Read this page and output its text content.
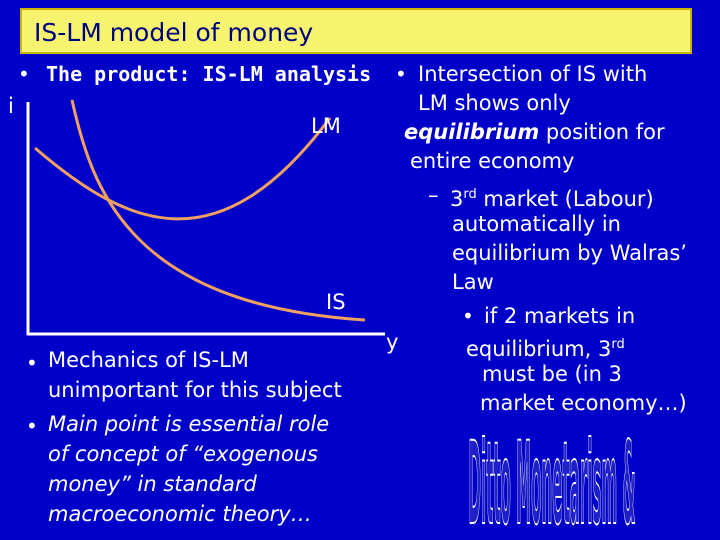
IS-LM model of money
• The product: IS-LM analysis
i
LM
IS
y
• Mechanics of IS-LM
unimportant for this subject
• Main point is essential role
of concept of “exogenous
money” in standard
macroeconomic theory…
• Intersection of IS with
LM shows only
equilibrium position for
entire economy
– 3rd market (Labour)
automatically in
equilibrium by Walras’
Law
• if 2 markets in
equilibrium, 3rd
must be (in 3
market economy…)
Ditto Monetarism &
